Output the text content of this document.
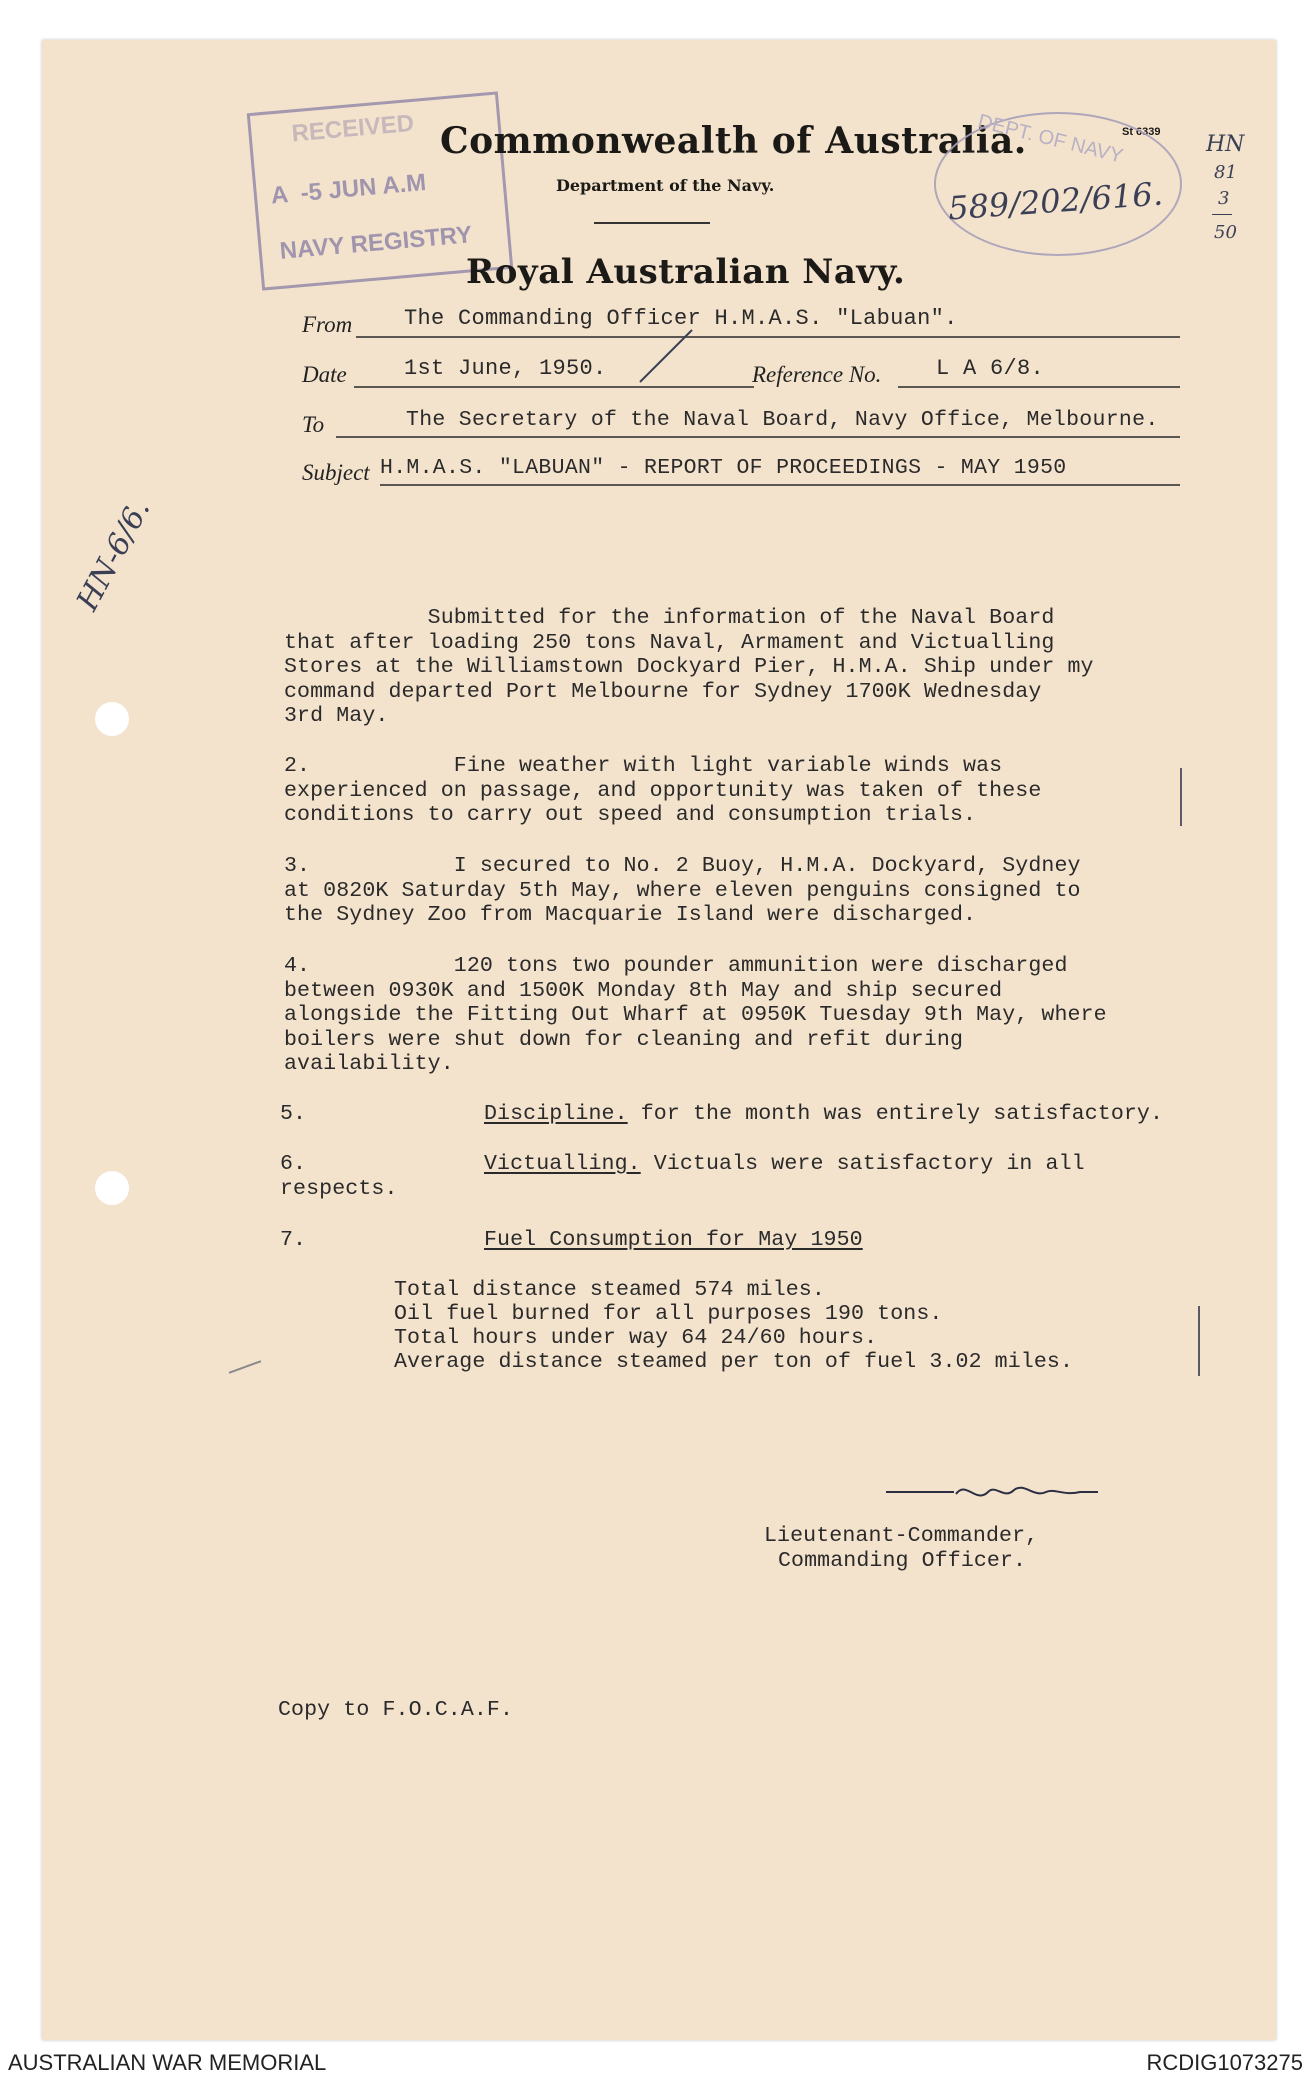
RECEIVED
A  -5 JUN A.M
NAVY REGISTRY
Commonwealth of Australia.	St 6339
Department of the Navy.
Royal Australian Navy.
DEPT. OF NAVY
589/202/616.
HN
81
3
50
HN-6/6.
From The Commanding Officer H.M.A.S. "Labuan".
Date	1st June, 1950.	Reference No. L A 6/8.
To	The Secretary of the Naval Board, Navy Office, Melbourne.
Subject H.M.A.S. "LABUAN" - REPORT OF PROCEEDINGS - MAY 1950
Submitted for the information of the Naval Board
that after loading 250 tons Naval, Armament and Victualling
Stores at the Williamstown Dockyard Pier, H.M.A. Ship under my
command departed Port Melbourne for Sydney 1700K Wednesday
3rd May.
2.           Fine weather with light variable winds was
experienced on passage, and opportunity was taken of these
conditions to carry out speed and consumption trials.
3.           I secured to No. 2 Buoy, H.M.A. Dockyard, Sydney
at 0820K Saturday 5th May, where eleven penguins consigned to
the Sydney Zoo from Macquarie Island were discharged.
4.           120 tons two pounder ammunition were discharged
between 0930K and 1500K Monday 8th May and ship secured
alongside the Fitting Out Wharf at 0950K Tuesday 9th May, where
boilers were shut down for cleaning and refit during
availability.
5.	Discipline. for the month was entirely satisfactory.
6.	Victualling. Victuals were satisfactory in all
respects.
7.	Fuel Consumption for May 1950
Total distance steamed 574 miles.
Oil fuel burned for all purposes 190 tons.
Total hours under way 64 24/60 hours.
Average distance steamed per ton of fuel 3.02 miles.
Lieutenant-Commander,
Commanding Officer.
Copy to F.O.C.A.F.
AUSTRALIAN WAR MEMORIAL	RCDIG1073275
